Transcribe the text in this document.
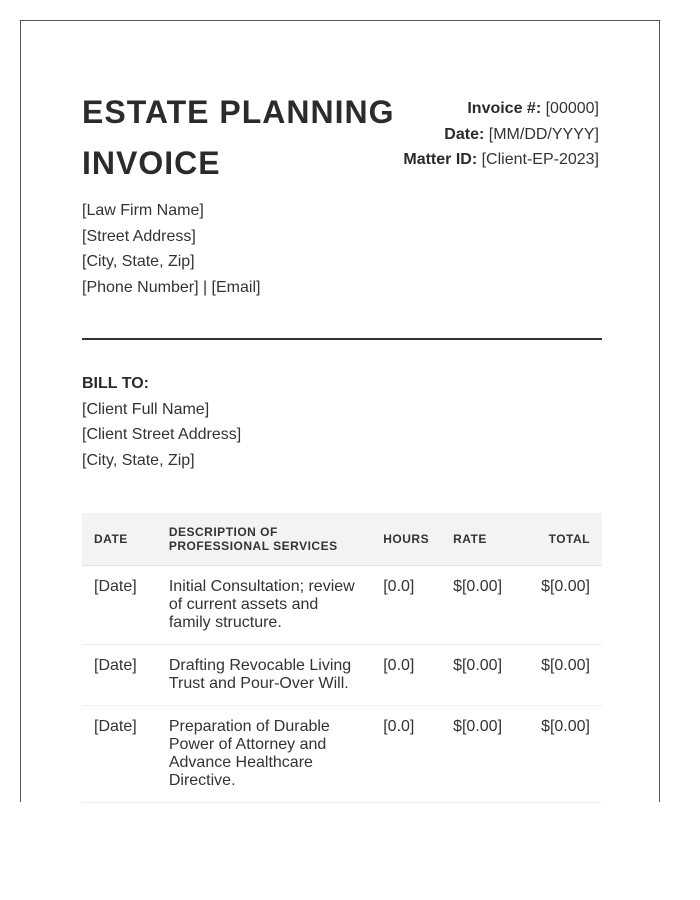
ESTATE PLANNING INVOICE
Invoice #: [00000]
Date: [MM/DD/YYYY]
Matter ID: [Client-EP-2023]
[Law Firm Name]
[Street Address]
[City, State, Zip]
[Phone Number] | [Email]
BILL TO:
[Client Full Name]
[Client Street Address]
[City, State, Zip]
DATE	DESCRIPTION OF PROFESSIONAL SERVICES	HOURS	RATE	TOTAL
[Date]	Initial Consultation; review of current assets and family structure.	[0.0]	$[0.00]	$[0.00]
[Date]	Drafting Revocable Living Trust and Pour-Over Will.	[0.0]	$[0.00]	$[0.00]
[Date]	Preparation of Durable Power of Attorney and Advance Healthcare Directive.	[0.0]	$[0.00]	$[0.00]
